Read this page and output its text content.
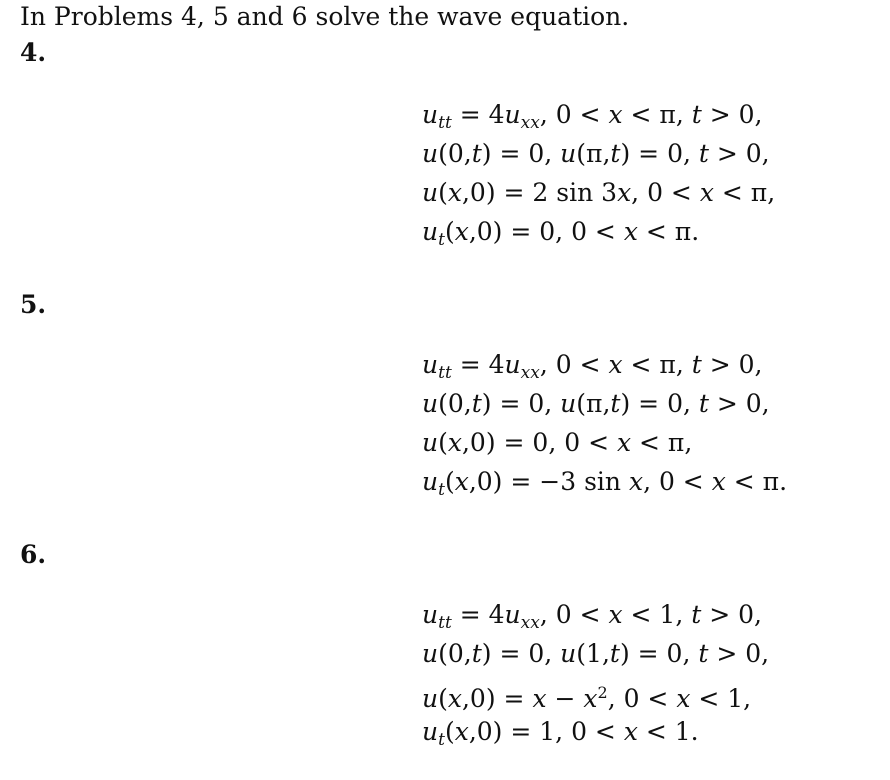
In Problems 4, 5 and 6 solve the wave equation.
4.
$u_{tt} = 4u_{xx}$, 0 < x < π, t > 0,
u(0,t) = 0, u(π,t) = 0, t > 0,
u(x,0) = 2 sin 3x, 0 < x < π,
$u_t(x,0) = 0$, 0 < x < π.
5.
$u_{tt} = 4u_{xx}$, 0 < x < π, t > 0,
u(0,t) = 0, u(π,t) = 0, t > 0,
u(x,0) = 0, 0 < x < π,
$u_t(x,0) = -3$ sin x, 0 < x < π.
6.
$u_{tt} = 4u_{xx}$, 0 < x < 1, t > 0,
u(0,t) = 0, u(1,t) = 0, t > 0,
$u(x,0) = x - x^2$, 0 < x < 1,
$u_t(x,0) = 1$, 0 < x < 1.
